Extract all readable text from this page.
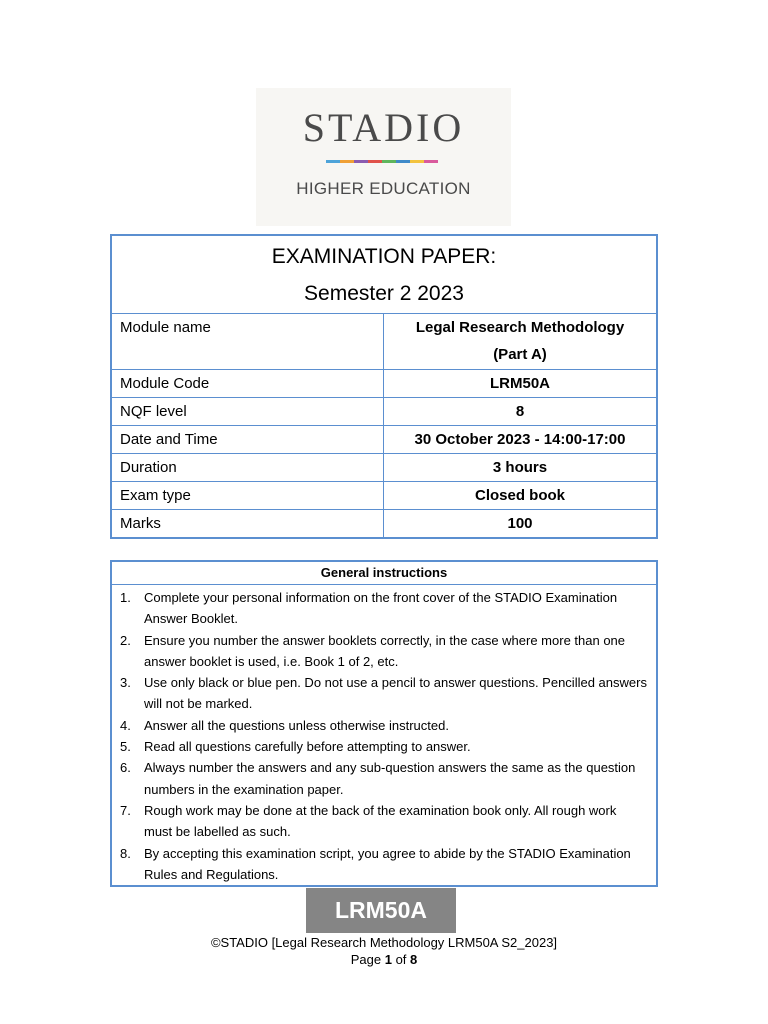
STADIO
HIGHER EDUCATION
EXAMINATION PAPER:
Semester 2 2023
Module name	Legal Research Methodology
(Part A)

Module Code	LRM50A
NQF level	8
Date and Time	30 October 2023 - 14:00-17:00
Duration	3 hours
Exam type	Closed book
Marks	100
General instructions
1.	Complete your personal information on the front cover of the STADIO Examination Answer Booklet.
2.	Ensure you number the answer booklets correctly, in the case where more than one answer booklet is used, i.e. Book 1 of 2, etc.
3.	Use only black or blue pen. Do not use a pencil to answer questions. Pencilled answers will not be marked.
4.	Answer all the questions unless otherwise instructed.
5.	Read all questions carefully before attempting to answer.
6.	Always number the answers and any sub-question answers the same as the question numbers in the examination paper.
7.	Rough work may be done at the back of the examination book only. All rough work must be labelled as such.
8.	By accepting this examination script, you agree to abide by the STADIO Examination Rules and Regulations.
LRM50A
©STADIO [Legal Research Methodology LRM50A S2_2023]
Page 1 of 8
